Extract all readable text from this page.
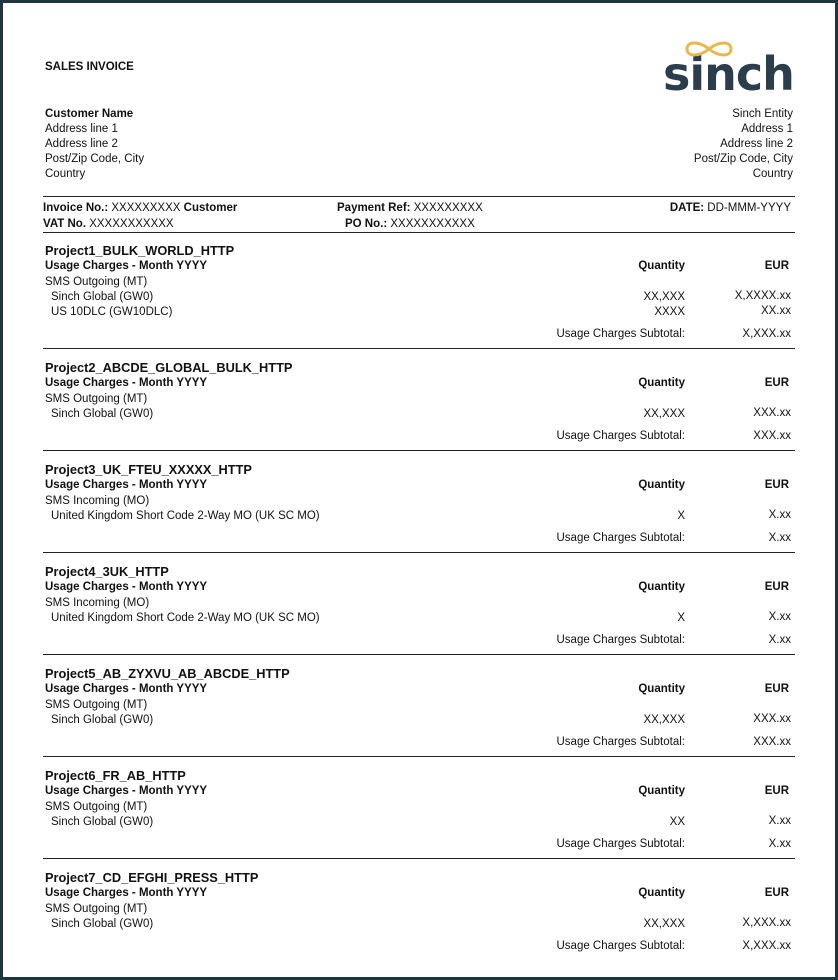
SALES INVOICE	sinch
Customer Name
Address line 1
Address line 2
Post/Zip Code, City
Country
Sinch Entity
Address 1
Address line 2
Post/Zip Code, City
Country
Invoice No.: XXXXXXXXX Customer
VAT No. XXXXXXXXXXX
Payment Ref: XXXXXXXXX
PO No.: XXXXXXXXXXX
DATE: DD-MMM-YYYY
Project1_BULK_WORLD_HTTP
Usage Charges - Month YYYY	Quantity	EUR
SMS Outgoing (MT)
Sinch Global (GW0)	XX,XXX	X,XXXX.xx
US 10DLC (GW10DLC)	XXXX	XX.xx
Usage Charges Subtotal:	X,XXX.xx
Project2_ABCDE_GLOBAL_BULK_HTTP
Usage Charges - Month YYYY	Quantity	EUR
SMS Outgoing (MT)
Sinch Global (GW0)	XX,XXX	XXX.xx
Usage Charges Subtotal:	XXX.xx
Project3_UK_FTEU_XXXXX_HTTP
Usage Charges - Month YYYY	Quantity	EUR
SMS Incoming (MO)
United Kingdom Short Code 2-Way MO (UK SC MO)	X	X.xx
Usage Charges Subtotal:	X.xx
Project4_3UK_HTTP
Usage Charges - Month YYYY	Quantity	EUR
SMS Incoming (MO)
United Kingdom Short Code 2-Way MO (UK SC MO)	X	X.xx
Usage Charges Subtotal:	X.xx
Project5_AB_ZYXVU_AB_ABCDE_HTTP
Usage Charges - Month YYYY	Quantity	EUR
SMS Outgoing (MT)
Sinch Global (GW0)	XX,XXX	XXX.xx
Usage Charges Subtotal:	XXX.xx
Project6_FR_AB_HTTP
Usage Charges - Month YYYY	Quantity	EUR
SMS Outgoing (MT)
Sinch Global (GW0)	XX	X.xx
Usage Charges Subtotal:	X.xx
Project7_CD_EFGHI_PRESS_HTTP
Usage Charges - Month YYYY	Quantity	EUR
SMS Outgoing (MT)
Sinch Global (GW0)	XX,XXX	X,XXX.xx
Usage Charges Subtotal:	X,XXX.xx
